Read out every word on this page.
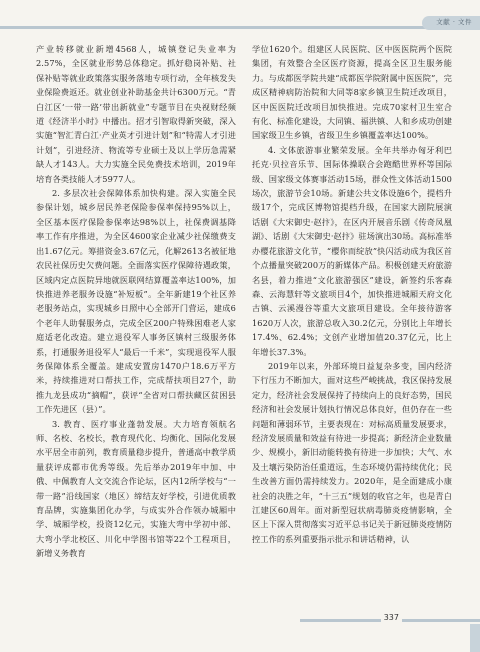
文献 · 文件

产业转移就业新增4568人，城镇登记失业率为2.57%，全区就业形势总体稳定。抓好稳岗补贴、社保补贴等就业政策落实服务落地专项行动，全年核发失业保险费返还。就业创业补助基金共计6300万元。“青白江区‘一带一路’带出新就业”专题节目在央视财经频道《经济半小时》中播出。招才引智取得新突破，深入实施“智汇青白江·产业英才引进计划”和“特需人才引进计划”，引进经济、物流等专业硕士及以上学历急需紧缺人才143人。大力实施全民免费技术培训，2019年培育各类技能人才5977人。

2. 多层次社会保障体系加快构建。深入实施全民参保计划，城乡居民养老保险参保率保持95%以上，全区基本医疗保险参保率达98%以上，社保费调基降率工作有序推进，为全区4600家企业减少社保缴费支出1.67亿元。筹措资金3.67亿元，化解2613名被征地农民社保历史欠费问题。全面落实医疗保障待遇政策，区域内定点医院异地就医联网结算覆盖率达100%，加快推进养老服务设施“补短板”。全年新建19个社区养老服务站点，实现城乡日照中心全部开门营运，建成6个老年人助餐服务点，完成全区200户特殊困难老人家庭适老化改造。建立退役军人事务区镇村三级服务体系，打通服务退役军人“最后一千米”，实现退役军人服务保障体系全覆盖。建成安置房1470户18.6万平方米，持续推进对口帮扶工作，完成帮扶项目27个，助推九龙县成功“摘帽”，获评“全省对口帮扶藏区贫困县工作先进区（县）”。

3. 教育、医疗事业蓬勃发展。大力培育领航名师、名校、名校长，教育现代化、均衡化、国际化发展水平居全市前列，教育质量稳步提升，普通高中教学质量获评成都市优秀等级。先后举办2019年中加、中俄、中佩教育人文交流合作论坛，区内12所学校与“一带一路”沿线国家（地区）缔结友好学校，引进优质教育品牌，实施集团化办学，与成实外合作领办城厢中学、城厢学校，投资12亿元，实施大弯中学初中部、大弯小学北校区、川化中学图书馆等22个工程项目，新增义务教育

学位1620个。组建区人民医院、区中医医院两个医院集团，有效整合全区医疗资源，提高全区卫生服务能力。与成都医学院共建“成都医学院附属中医医院”，完成区精神病防治院和大同等8家乡镇卫生院迁改项目，区中医医院迁改项目加快推进。完成70家村卫生室合有化、标准化建设，大同镇、福洪镇、人和乡成功创建国家级卫生乡镇，省级卫生乡镇覆盖率达100%。

4. 文体旅游事业繁荣发展。全年共举办匈牙利巴托克·贝拉音乐节、国际体操联合会跑酷世界杯等国际级、国家级文体赛事活动15场，群众性文体活动1500场次，旅游节会10场。新建公共文体设施6个，提档升级17个，完成区博物馆提档升级，在国家大剧院展演话剧《大宋御史·赵抃》，在区内开展音乐剧《传奇凤凰湖》、话剧《大宋御史·赵抃》驻场演出30场。高标准举办樱花旅游文化节，“樱你而绽放”快闪活动成为我区首个点播量突破200万的新媒体产品。积极创建天府旅游名县，着力推进“文化旅游强区”建设，新签约乐客森森、云海慧轩等文旅项目4个，加快推进城厢天府文化古镇、云溪漫谷等重大文旅项目建设。全年接待游客1620万人次，旅游总收入30.2亿元，分别比上年增长17.4%、62.4%；文创产业增加值20.37亿元，比上年增长37.3%。

2019年以来，外部环境日益复杂多变，国内经济下行压力不断加大，面对这些严峻挑战，我区保持发展定力，经济社会发展保持了持续向上的良好态势，国民经济和社会发展计划执行情况总体良好，但仍存在一些问题和薄弱环节，主要表现在：对标高质量发展要求，经济发展质量和效益有待进一步提高；新经济企业数量少、规模小，新旧动能转换有待进一步加快；大气、水及土壤污染防治任重道远，生态环境仍需持续优化；民生改善方面仍需持续发力。2020年，是全面建成小康社会的决胜之年，“十三五”规划的收官之年，也是青白江建区60周年。面对新型冠状病毒肺炎疫情影响，全区上下深入贯彻落实习近平总书记关于新冠肺炎疫情防控工作的系列重要指示批示和讲话精神，认

337
